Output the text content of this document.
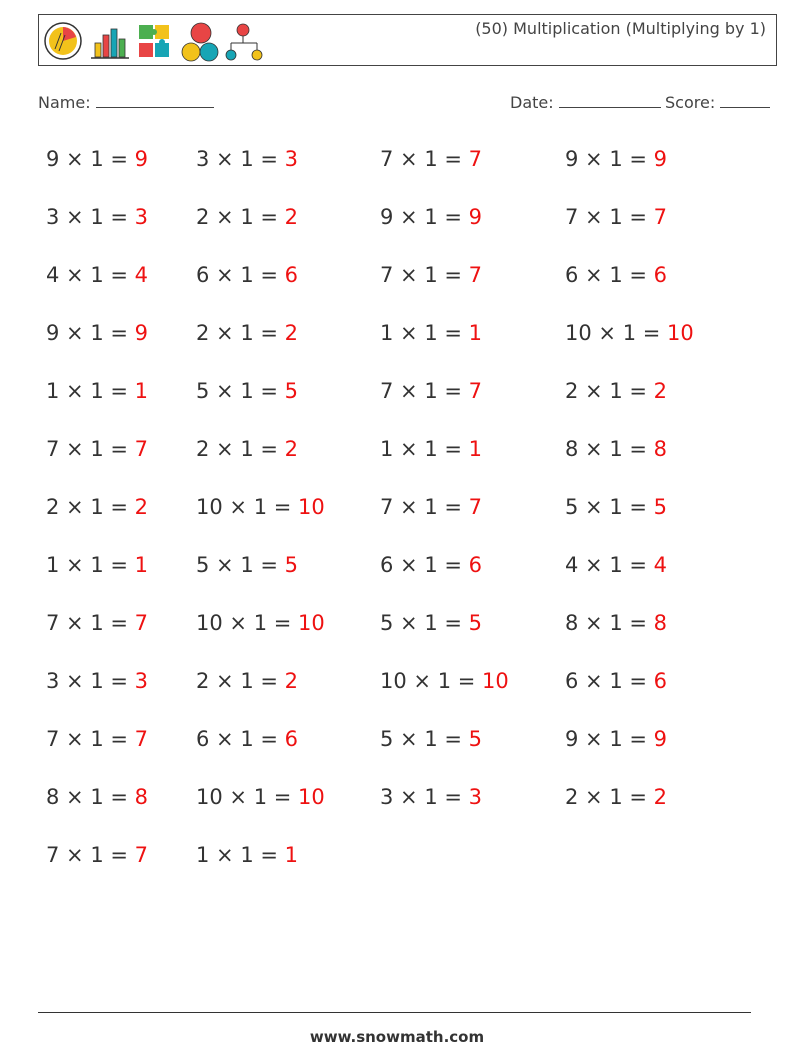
(50) Multiplication (Multiplying by 1)
Name:	Date:	Score:
9 × 1 = 9
3 × 1 = 3
4 × 1 = 4
9 × 1 = 9
1 × 1 = 1
7 × 1 = 7
2 × 1 = 2
1 × 1 = 1
7 × 1 = 7
3 × 1 = 3
7 × 1 = 7
8 × 1 = 8
7 × 1 = 7
3 × 1 = 3
2 × 1 = 2
6 × 1 = 6
2 × 1 = 2
5 × 1 = 5
2 × 1 = 2
10 × 1 = 10
5 × 1 = 5
10 × 1 = 10
2 × 1 = 2
6 × 1 = 6
10 × 1 = 10
1 × 1 = 1
7 × 1 = 7
9 × 1 = 9
7 × 1 = 7
1 × 1 = 1
7 × 1 = 7
1 × 1 = 1
7 × 1 = 7
6 × 1 = 6
5 × 1 = 5
10 × 1 = 10
5 × 1 = 5
3 × 1 = 3
9 × 1 = 9
7 × 1 = 7
6 × 1 = 6
10 × 1 = 10
2 × 1 = 2
8 × 1 = 8
5 × 1 = 5
4 × 1 = 4
8 × 1 = 8
6 × 1 = 6
9 × 1 = 9
2 × 1 = 2
www.snowmath.com
